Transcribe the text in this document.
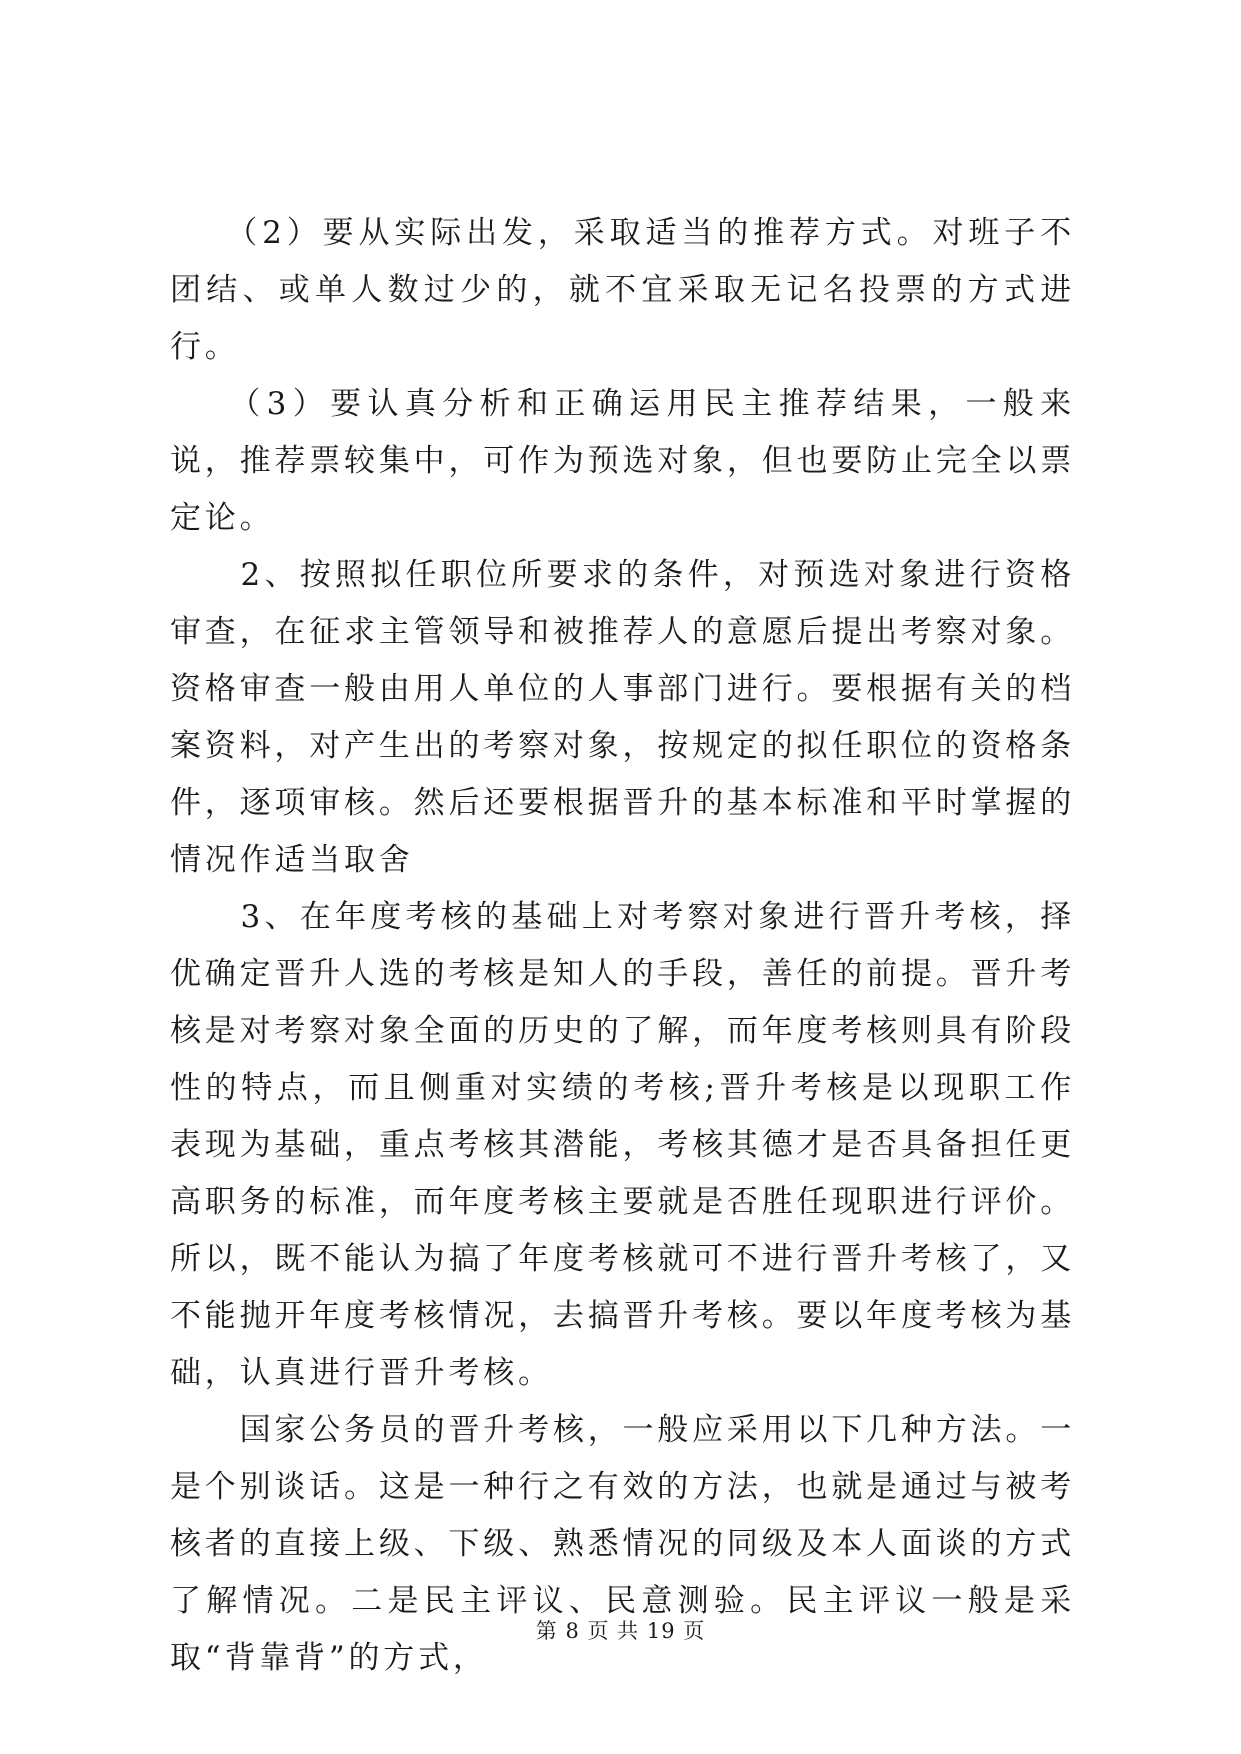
　　（2）要从实际出发，采取适当的推荐方式。对班子不团结、或单人数过少的，就不宜采取无记名投票的方式进行。

　　（3）要认真分析和正确运用民主推荐结果，一般来说，推荐票较集中，可作为预选对象，但也要防止完全以票定论。

　　2、按照拟任职位所要求的条件，对预选对象进行资格审查，在征求主管领导和被推荐人的意愿后提出考察对象。资格审查一般由用人单位的人事部门进行。要根据有关的档案资料，对产生出的考察对象，按规定的拟任职位的资格条件，逐项审核。然后还要根据晋升的基本标准和平时掌握的情况作适当取舍

　　3、在年度考核的基础上对考察对象进行晋升考核，择优确定晋升人选的考核是知人的手段，善任的前提。晋升考核是对考察对象全面的历史的了解，而年度考核则具有阶段性的特点，而且侧重对实绩的考核;晋升考核是以现职工作表现为基础，重点考核其潜能，考核其德才是否具备担任更高职务的标准，而年度考核主要就是否胜任现职进行评价。所以，既不能认为搞了年度考核就可不进行晋升考核了，又不能抛开年度考核情况，去搞晋升考核。要以年度考核为基础，认真进行晋升考核。

　　国家公务员的晋升考核，一般应采用以下几种方法。一是个别谈话。这是一种行之有效的方法，也就是通过与被考核者的直接上级、下级、熟悉情况的同级及本人面谈的方式了解情况。二是民主评议、民意测验。民主评议一般是采取“背靠背”的方式，

第 8 页 共 19 页
